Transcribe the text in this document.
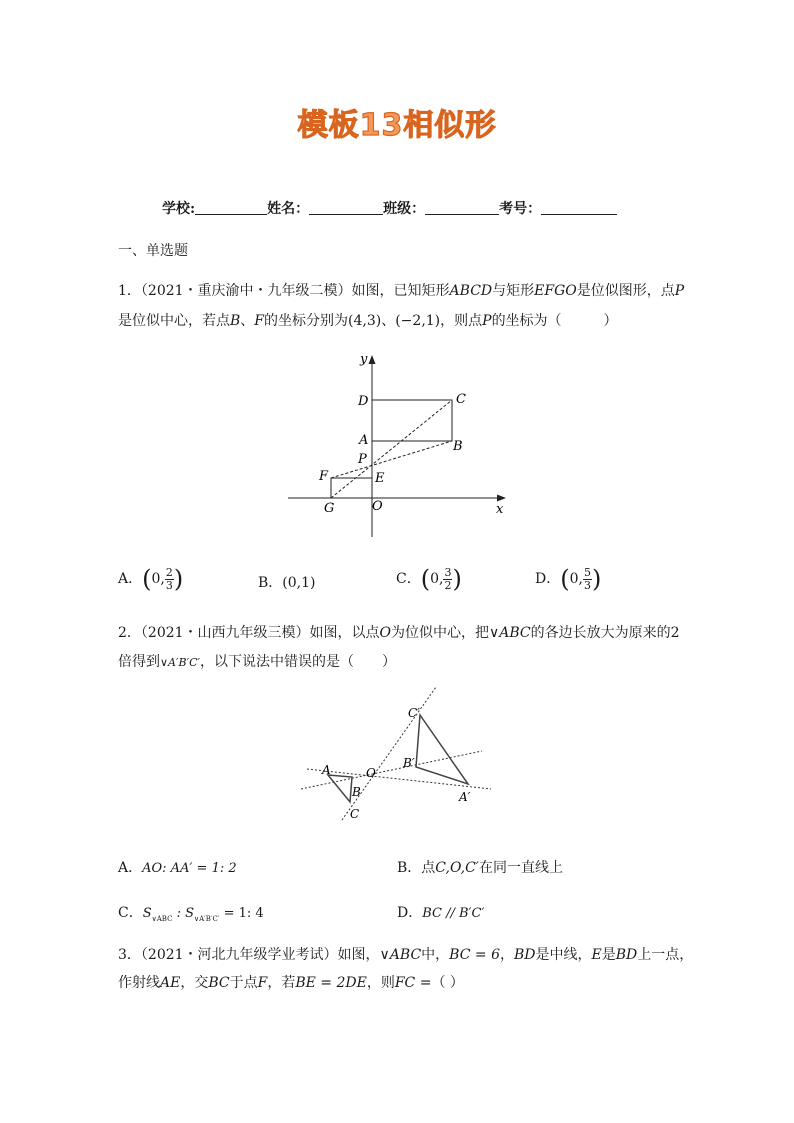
模板13相似形
学校:	姓名：	班级：	考号：
一、单选题
1．（2021・重庆渝中・九年级二模）如图，已知矩形ABCD与矩形EFGO是位似图形，点P
是位似中心，若点B、F的坐标分别为(4,3)、(−2,1)，则点P的坐标为（　　　）
y
x
D	C
A	B
P
F	E
G	O
A．(0, $\frac{2}{3}$ )	B．(0,1)	C．(0, $\frac{3}{2}$ )	D．(0, $\frac{5}{3}$ )
2．（2021・山西九年级三模）如图，以点O为位似中心，把∨ABC的各边长放大为原来的2
倍得到∨A′B′C′，以下说法中错误的是（　　）
C′
B′
A′
A	O
B
C
A．AO: AA′ = 1: 2	B．点C,O,C′在同一直线上
C．$S_{\vee ABC}$ : $S_{\vee A'B'C'} = 1$: 4	D．BC // B′C′
3．（2021・河北九年级学业考试）如图，∨ABC中，BC = 6，BD是中线，E是BD上一点，
作射线AE，交BC于点F，若BE = 2DE，则FC =（ ）
